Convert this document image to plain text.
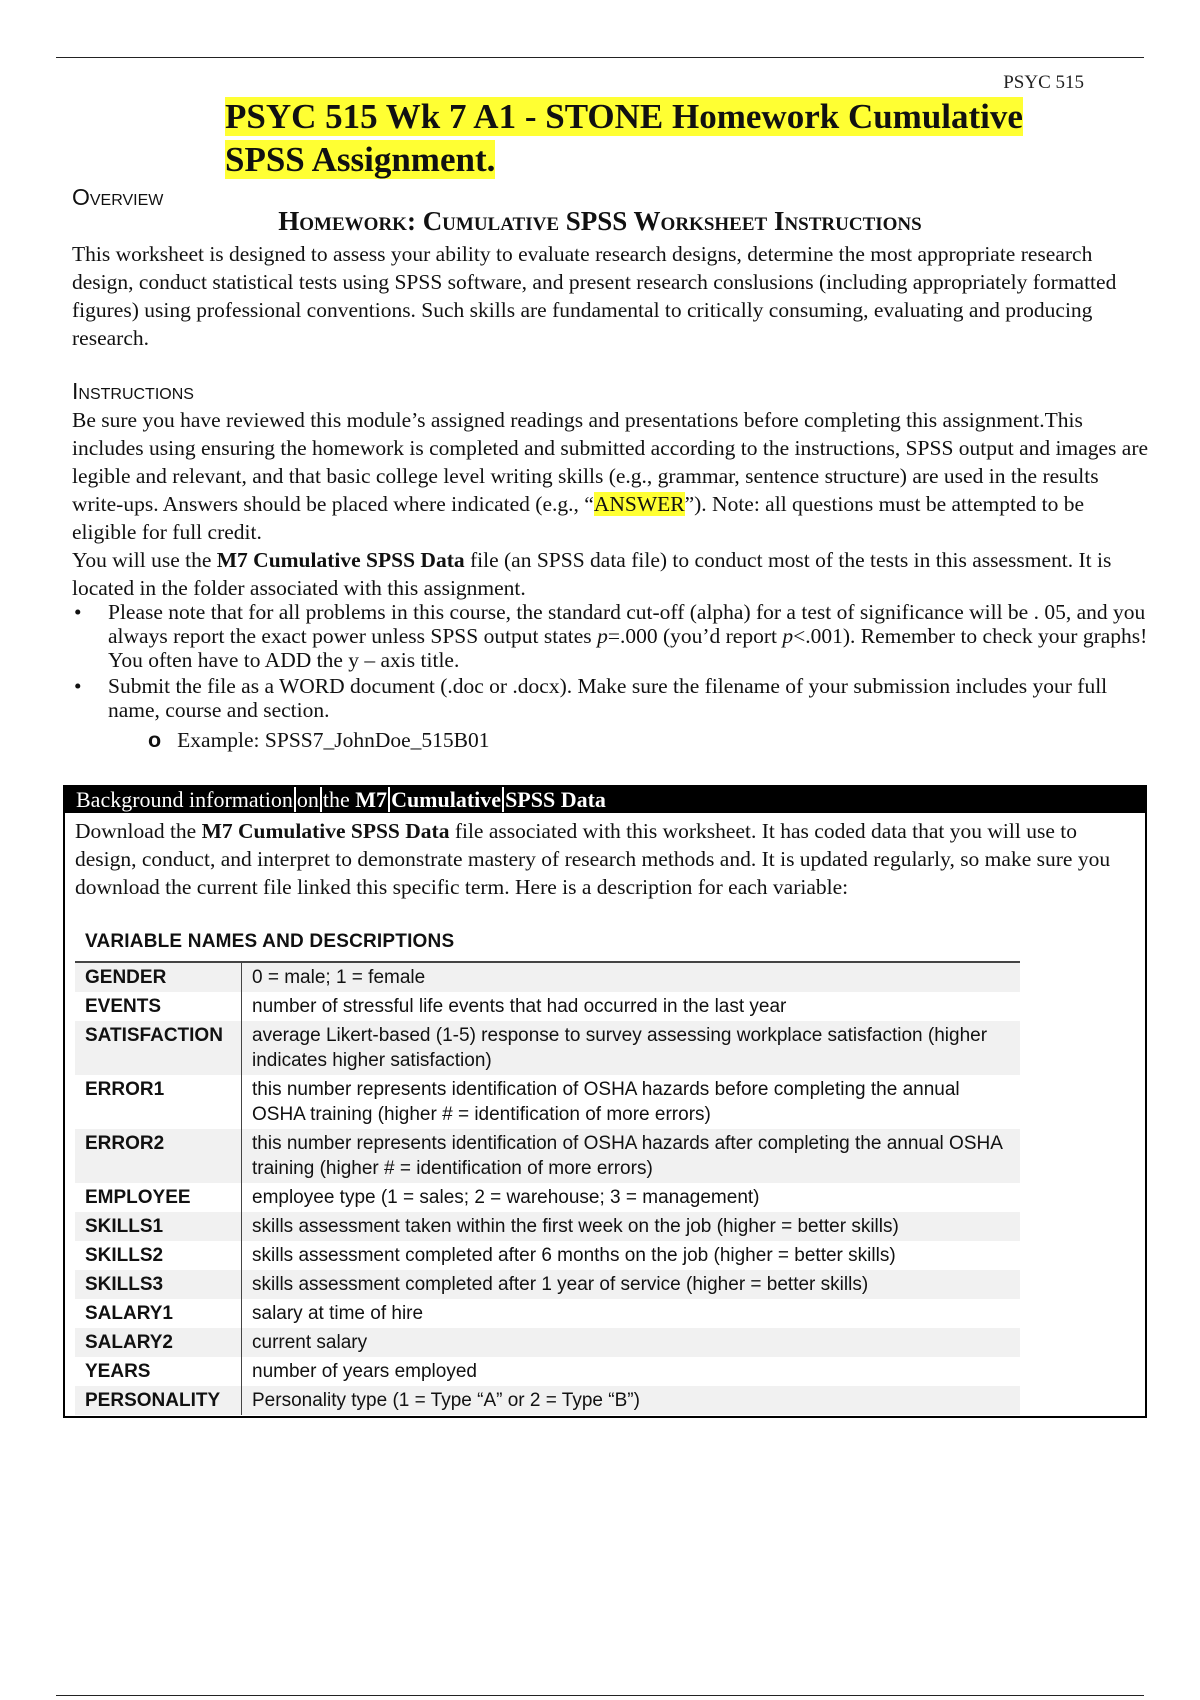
PSYC 515
PSYC 515 Wk 7 A1 - STONE Homework Cumulative
SPSS Assignment.
Overview
Homework: Cumulative SPSS Worksheet Instructions

This worksheet is designed to assess your ability to evaluate research designs, determine the most appropriate research design, conduct statistical tests using SPSS software, and present research conslusions (including appropriately formatted figures) using professional conventions. Such skills are fundamental to critically consuming, evaluating and producing research.

Instructions

Be sure you have reviewed this module’s assigned readings and presentations before completing this assignment.This includes using ensuring the homework is completed and submitted according to the instructions, SPSS output and images are legible and relevant, and that basic college level writing skills (e.g., grammar, sentence structure) are used in the results write-ups. Answers should be placed where indicated (e.g., “ANSWER”). Note: all questions must be attempted to be eligible for full credit.

You will use the M7 Cumulative SPSS Data file (an SPSS data file) to conduct most of the tests in this assessment. It is located in the folder associated with this assignment.

• Please note that for all problems in this course, the standard cut-off (alpha) for a test of significance will be . 05, and you always report the exact power unless SPSS output states p=.000 (you’d report p<.001). Remember to check your graphs! You often have to ADD the y – axis title.
• Submit the file as a WORD document (.doc or .docx). Make sure the filename of your submission includes your full name, course and section.
o Example: SPSS7_JohnDoe_515B01
Background information on the M7 Cumulative SPSS Data

Download the M7 Cumulative SPSS Data file associated with this worksheet. It has coded data that you will use to design, conduct, and interpret to demonstrate mastery of research methods and. It is updated regularly, so make sure you download the current file linked this specific term. Here is a description for each variable:

VARIABLE NAMES AND DESCRIPTIONS
GENDER	0 = male; 1 = female
EVENTS	number of stressful life events that had occurred in the last year
SATISFACTION	average Likert-based (1-5) response to survey assessing workplace satisfaction (higher indicates higher satisfaction)
ERROR1	this number represents identification of OSHA hazards before completing the annual OSHA training (higher # = identification of more errors)
ERROR2	this number represents identification of OSHA hazards after completing the annual OSHA training (higher # = identification of more errors)
EMPLOYEE	employee type (1 = sales; 2 = warehouse; 3 = management)
SKILLS1	skills assessment taken within the first week on the job (higher = better skills)
SKILLS2	skills assessment completed after 6 months on the job (higher = better skills)
SKILLS3	skills assessment completed after 1 year of service (higher = better skills)
SALARY1	salary at time of hire
SALARY2	current salary
YEARS	number of years employed
PERSONALITY	Personality type (1 = Type “A” or 2 = Type “B”)
